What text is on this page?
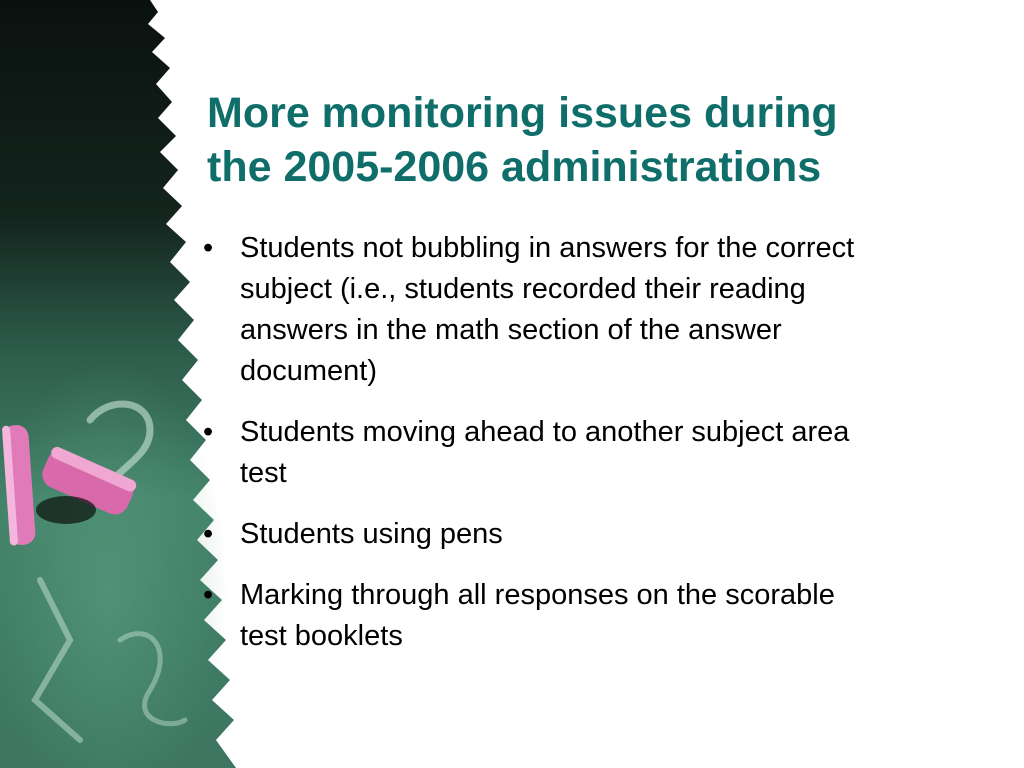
More monitoring issues during
the 2005-2006 administrations
• Students not bubbling in answers for the correct
subject (i.e., students recorded their reading
answers in the math section of the answer
document)
• Students moving ahead to another subject area
test
• Students using pens
• Marking through all responses on the scorable
test booklets
